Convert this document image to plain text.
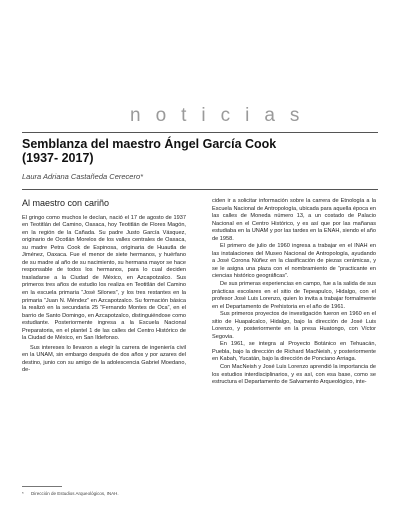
noticias
Semblanza del maestro Ángel García Cook
(1937- 2017)
Laura Adriana Castañeda Cerecero*
Al maestro con cariño

El gringo como muchos le decían, nació el 17 de agosto de 1937 en Teotitlán del Camino, Oaxaca, hoy Teotitlán de Flores Magón, en la región de la Cañada. Su padre Justo García Vásquez, originario de Ocotlán Morelos de los valles centrales de Oaxaca, su madre Petra Cook de Espinosa, originaria de Huautla de Jiménez, Oaxaca. Fue el menor de siete hermanos, y huérfano de su madre al año de su nacimiento, su hermana mayor se hace responsable de todos los hermanos, para lo cual deciden trasladarse a la Ciudad de México, en Azcapotzalco. Sus primeros tres años de estudio los realiza en Teotitlán del Camino en la escuela primaria “José Silones”, y los tres restantes en la primaria “Juan N. Méndez” en Azcapotzalco. Su formación básica la realizó en la secundaria 25 “Fernando Montes de Oca”, en el barrio de Santo Domingo, en Azcapotzalco, distinguiéndose como estudiante. Posteriormente ingresa a la Escuela Nacional Preparatoria, en el plantel 1 de las calles del Centro Histórico de la Ciudad de México, en San Ildefonso.

Sus intereses lo llevaron a elegir la carrera de ingeniería civil en la UNAM, sin embargo después de dos años y por azares del destino, junio con su amigo de la adolescencia Gabriel Moedano, de-

ciden ir a solicitar información sobre la carrera de Etnología a la Escuela Nacional de Antropología, ubicada para aquella época en las calles de Moneda número 13, a un costado de Palacio Nacional en el Centro Histórico, y es así que por las mañanas estudiaba en la UNAM y por las tardes en la ENAH, siendo el año de 1958.

El primero de julio de 1960 ingresa a trabajar en el INAH en las instalaciones del Museo Nacional de Antropología, ayudando a José Corona Núñez en la clasificación de piezas cerámicas, y se le asigna una plaza con el nombramiento de “practicante en ciencias histórico geográficas”.

De sus primeras experiencias en campo, fue a la salida de sus prácticas escolares en el sitio de Tepeapulco, Hidalgo, con el profesor José Luis Lorenzo, quien lo invita a trabajar formalmente en el Departamento de Prehistoria en el año de 1961.

Sus primeros proyectos de investigación fueron en 1960 en el sitio de Huapalcalco, Hidalgo, bajo la dirección de José Luis Lorenzo, y posteriormente en la presa Huatongo, con Víctor Segovia.

En 1961, se integra al Proyecto Botánico en Tehuacán, Puebla, bajo la dirección de Richard MacNeish, y posteriormente en Kabah, Yucatán, bajo la dirección de Ponciano Arriaga.

Con MacNeish y José Luis Lorenzo aprendió la importancia de los estudios interdisciplinarios, y es así, con esa base, como se estructura el Departamento de Salvamento Arqueológico, inte-

* Dirección de Estudios Arqueológicos, INAH.
